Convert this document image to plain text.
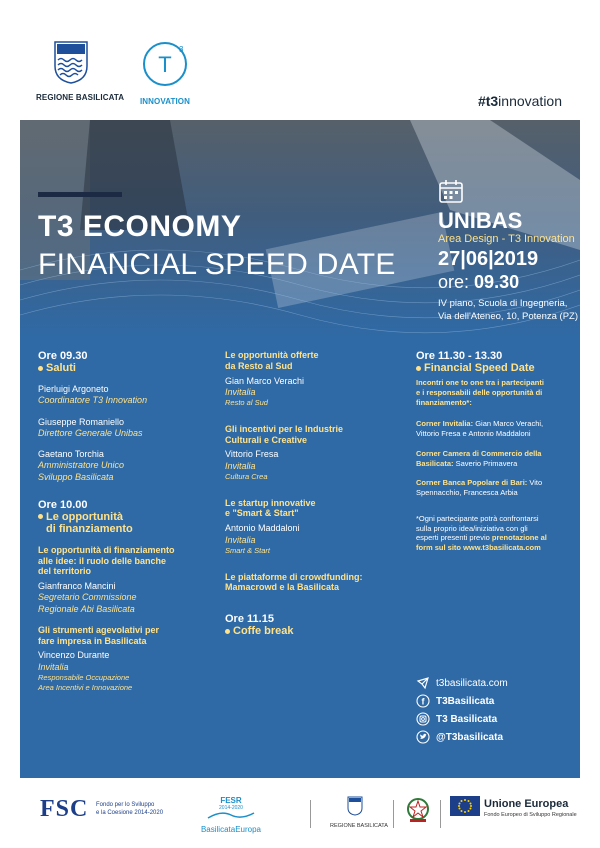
REGIONE BASILICATA
T
3
INNOVATION	#t3innovation
T3 ECONOMY
FINANCIAL SPEED DATE
UNIBAS
Area Design - T3 Innovation
27|06|2019
ore: 09.30
IV piano, Scuola di Ingegneria,
Via dell'Ateneo, 10, Potenza (PZ)
Ore 09.30
Saluti
Pierluigi Argoneto
Coordinatore T3 Innovation
Giuseppe Romaniello
Direttore Generale Unibas
Gaetano Torchia
Amministratore Unico
Sviluppo Basilicata
Ore 10.00
Le opportunità
di finanziamento
Le opportunità di finanziamento
alle idee: il ruolo delle banche
del territorio
Gianfranco Mancini
Segretario Commissione
Regionale Abi Basilicata
Gli strumenti agevolativi per
fare impresa in Basilicata
Vincenzo Durante
Invitalia
Responsabile Occupazione
Area Incentivi e Innovazione
Le opportunità offerte
da Resto al Sud
Gian Marco Verachi
Invitalia
Resto al Sud
Gli incentivi per le Industrie
Culturali e Creative
Vittorio Fresa
Invitalia
Cultura Crea
Le startup innovative
e "Smart & Start"
Antonio Maddaloni
Invitalia
Smart & Start
Le piattaforme di crowdfunding:
Mamacrowd e la Basilicata
Ore 11.15
Coffe break
Ore 11.30 - 13.30
Financial Speed Date
Incontri one to one tra i partecipanti
e i responsabili delle opportunità di
finanziamento*:
Corner Invitalia: Gian Marco Verachi,
Vittorio Fresa e Antonio Maddaloni
Corner Camera di Commercio della
Basilicata: Saverio Primavera
Corner Banca Popolare di Bari: Vito
Spennacchio, Francesca Arbia
*Ogni partecipante potrà confrontarsi
sulla proprio idea/iniziativa con gli
esperti presenti previo prenotazione al
form sul sito www.t3basilicata.com
t3basilicata.com
f T3Basilicata
T3 Basilicata
@T3basilicata
FSC Fondo per lo Sviluppo
e la Coesione 2014-2020
FESR
2014-2020
BasilicataEuropa	REGIONE BASILICATA
Unione Europea
Fondo Europeo di Sviluppo Regionale
